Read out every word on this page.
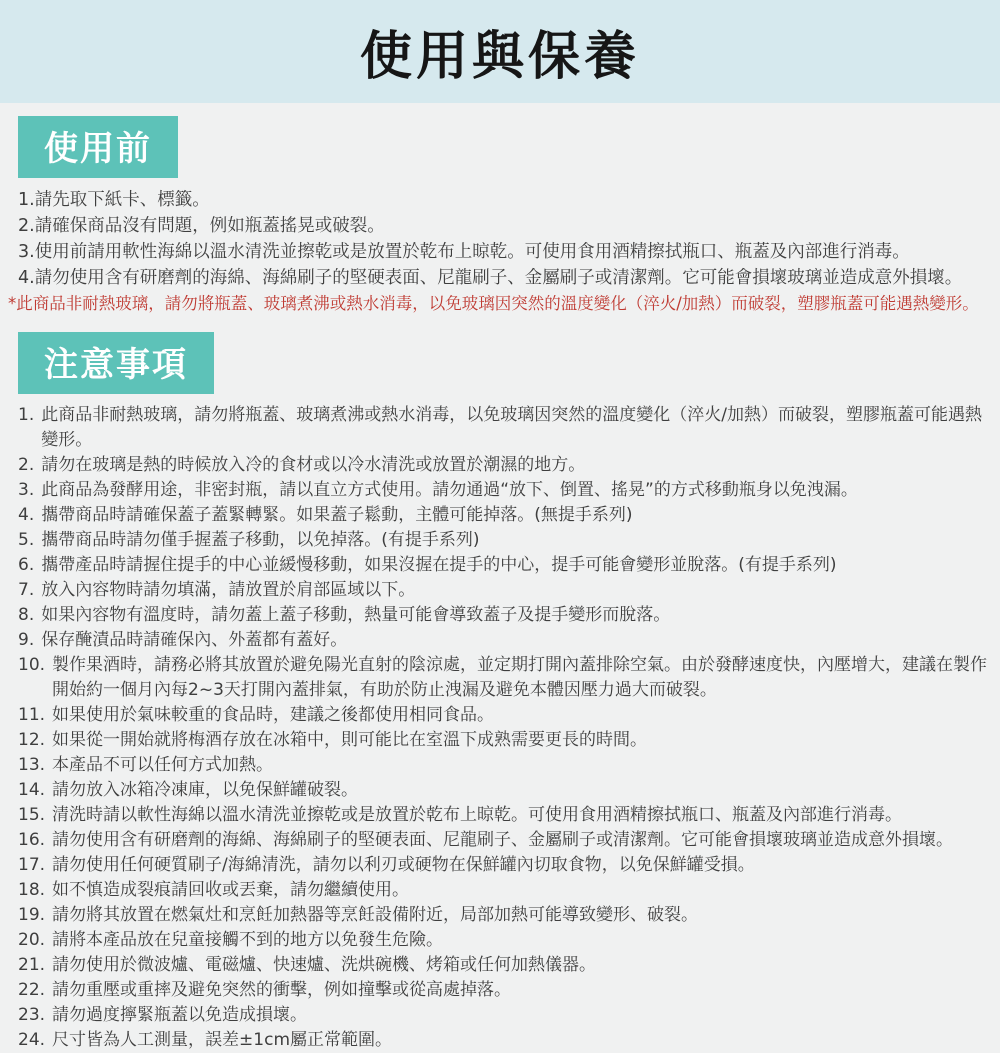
使用與保養
使用前
1. 請先取下紙卡、標籤。
2. 請確保商品沒有問題，例如瓶蓋搖晃或破裂。
3. 使用前請用軟性海綿以溫水清洗並擦乾或是放置於乾布上晾乾。可使用食用酒精擦拭瓶口、瓶蓋及內部進行消毒。
4. 請勿使用含有研磨劑的海綿、海綿刷子的堅硬表面、尼龍刷子、金屬刷子或清潔劑。它可能會損壞玻璃並造成意外損壞。
*此商品非耐熱玻璃，請勿將瓶蓋、玻璃煮沸或熱水消毒，以免玻璃因突然的溫度變化（淬火/加熱）而破裂，塑膠瓶蓋可能遇熱變形。
注意事項
1. 此商品非耐熱玻璃，請勿將瓶蓋、玻璃煮沸或熱水消毒，以免玻璃因突然的溫度變化（淬火/加熱）而破裂，塑膠瓶蓋可能遇熱變形。
2. 請勿在玻璃是熱的時候放入冷的食材或以冷水清洗或放置於潮濕的地方。
3. 此商品為發酵用途，非密封瓶，請以直立方式使用。請勿通過“放下、倒置、搖晃”的方式移動瓶身以免洩漏。
4. 攜帶商品時請確保蓋子蓋緊轉緊。如果蓋子鬆動，主體可能掉落。(無提手系列)
5. 攜帶商品時請勿僅手握蓋子移動，以免掉落。(有提手系列)
6. 攜帶產品時請握住提手的中心並緩慢移動，如果沒握在提手的中心，提手可能會變形並脫落。(有提手系列)
7. 放入內容物時請勿填滿，請放置於肩部區域以下。
8. 如果內容物有溫度時，請勿蓋上蓋子移動，熱量可能會導致蓋子及提手變形而脫落。
9. 保存醃漬品時請確保內、外蓋都有蓋好。
10. 製作果酒時，請務必將其放置於避免陽光直射的陰涼處，並定期打開內蓋排除空氣。由於發酵速度快，內壓增大，建議在製作開始約一個月內每2~3天打開內蓋排氣，有助於防止洩漏及避免本體因壓力過大而破裂。
11. 如果使用於氣味較重的食品時，建議之後都使用相同食品。
12. 如果從一開始就將梅酒存放在冰箱中，則可能比在室溫下成熟需要更長的時間。
13. 本產品不可以任何方式加熱。
14. 請勿放入冰箱冷凍庫，以免保鮮罐破裂。
15. 清洗時請以軟性海綿以溫水清洗並擦乾或是放置於乾布上晾乾。可使用食用酒精擦拭瓶口、瓶蓋及內部進行消毒。
16. 請勿使用含有研磨劑的海綿、海綿刷子的堅硬表面、尼龍刷子、金屬刷子或清潔劑。它可能會損壞玻璃並造成意外損壞。
17. 請勿使用任何硬質刷子/海綿清洗，請勿以利刃或硬物在保鮮罐內切取食物，以免保鮮罐受損。
18. 如不慎造成裂痕請回收或丟棄，請勿繼續使用。
19. 請勿將其放置在燃氣灶和烹飪加熱器等烹飪設備附近，局部加熱可能導致變形、破裂。
20. 請將本產品放在兒童接觸不到的地方以免發生危險。
21. 請勿使用於微波爐、電磁爐、快速爐、洗烘碗機、烤箱或任何加熱儀器。
22. 請勿重壓或重摔及避免突然的衝擊，例如撞擊或從高處掉落。
23. 請勿過度擰緊瓶蓋以免造成損壞。
24. 尺寸皆為人工測量，誤差±1cm屬正常範圍。
